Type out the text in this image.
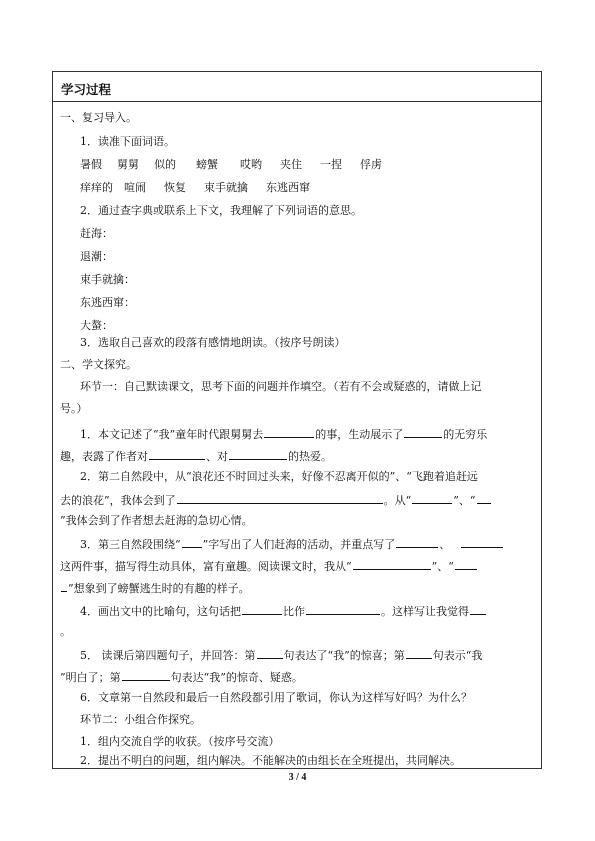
学习过程
一、复习导入。
1．读准下面词语。
暑假 舅舅 似的 螃蟹 哎哟 夹住 一捏 俘虏
痒痒的 喧闹 恢复 束手就擒 东逃西窜
2．通过查字典或联系上下文，我理解了下列词语的意思。
赶海：
退潮：
束手就擒：
东逃西窜：
大螯：
3．选取自己喜欢的段落有感情地朗读。（按序号朗读）
二、学文探究。
环节一：自己默读课文，思考下面的问题并作填空。（若有不会或疑惑的，请做上记
号。）
1．本文记述了“我”童年时代跟舅舅去	的事，生动展示了	的无穷乐
趣，表露了作者对	、对	的热爱。
2．第二自然段中，从“浪花还不时回过头来，好像不忍离开似的”、“飞跑着追赶远
去的浪花”，我体会到了	。从“	”、“
”我体会到了作者想去赶海的急切心情。
3．第三自然段围绕“ ”字写出了人们赶海的活动，并重点写了	、
这两件事，描写得生动具体，富有童趣。阅读课文时，我从“	”、“
”想象到了螃蟹逃生时的有趣的样子。
4．画出文中的比喻句，这句话把	比作	。这样写让我觉得
。
5． 读课后第四题句子，并回答：第	句表达了“我”的惊喜；第	句表示“我
”明白了；第	句表达“我”的惊奇、疑惑。
6．文章第一自然段和最后一自然段都引用了歌词，你认为这样写好吗？为什么？
环节二：小组合作探究。
1．组内交流自学的收获。（按序号交流）
2．提出不明白的问题，组内解决。不能解决的由组长在全班提出，共同解决。
3 / 4
